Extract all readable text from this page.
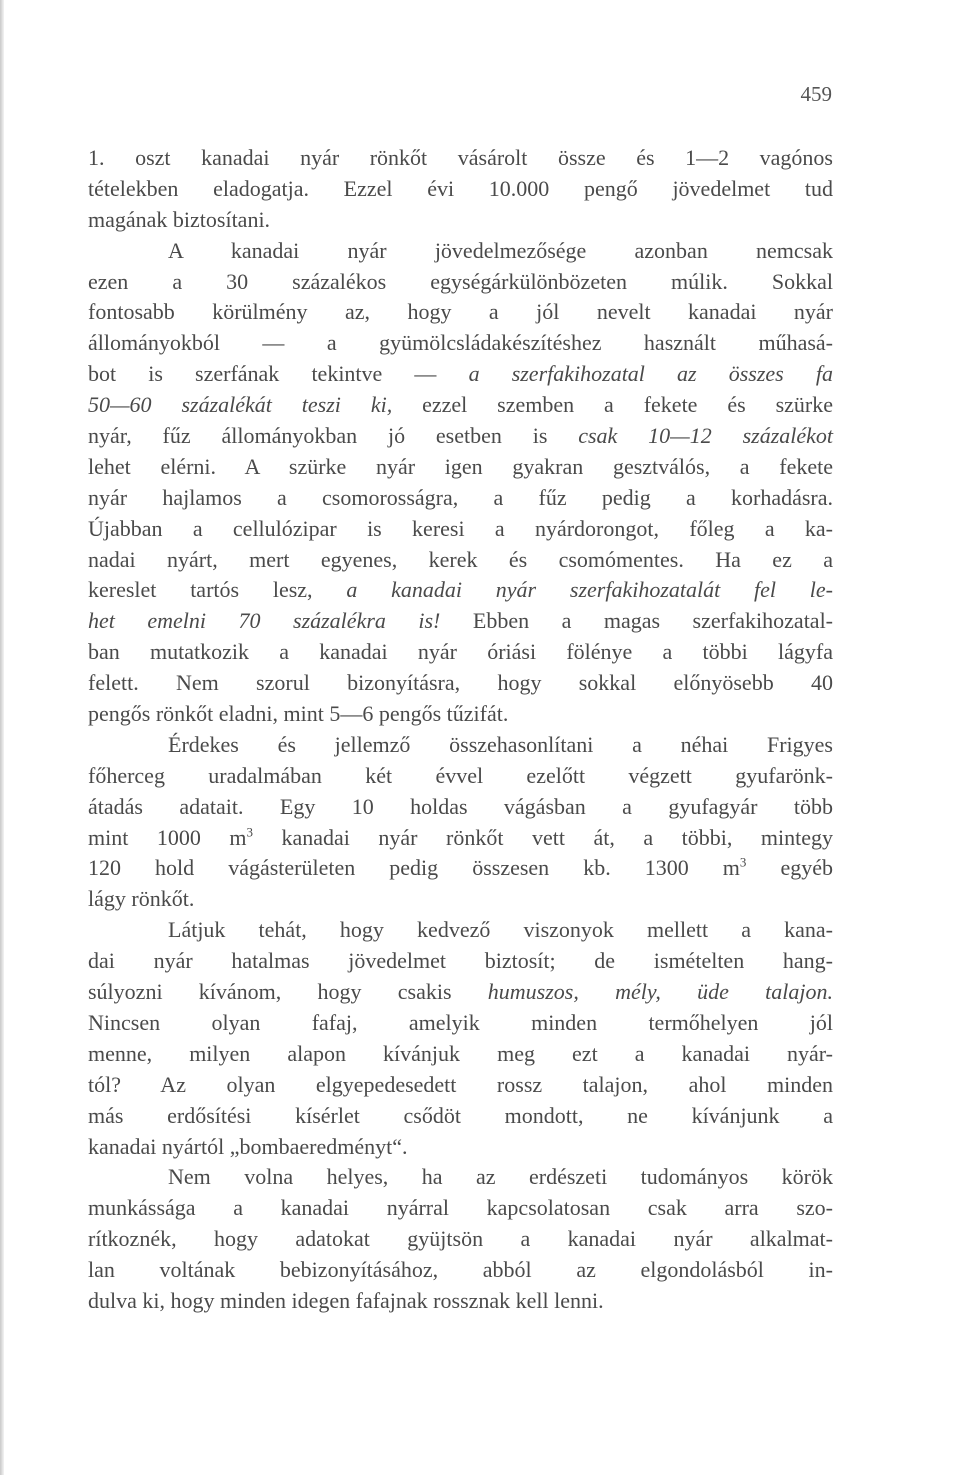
459
1. oszt kanadai nyár rönkőt vásárolt össze és 1—2 vagónos
tételekben eladogatja. Ezzel évi 10.000 pengő jövedelmet tud
magának biztosítani.
A kanadai nyár jövedelmezősége azonban nemcsak
ezen a 30 százalékos egységárkülönbözeten múlik. Sokkal
fontosabb körülmény az, hogy a jól nevelt kanadai nyár
állományokból — a gyümölcsládakészítéshez használt műhasá-
bot is szerfának tekintve — a szerfakihozatal az összes fa
50—60 százalékát teszi ki, ezzel szemben a fekete és szürke
nyár, fűz állományokban jó esetben is csak 10—12 százalékot
lehet elérni. A szürke nyár igen gyakran gesztválós, a fekete
nyár hajlamos a csomorosságra, a fűz pedig a korhadásra.
Újabban a cellulózipar is keresi a nyárdorongot, főleg a ka-
nadai nyárt, mert egyenes, kerek és csomómentes. Ha ez a
kereslet tartós lesz, a kanadai nyár szerfakihozatalát fel le-
het emelni 70 százalékra is! Ebben a magas szerfakihozatal-
ban mutatkozik a kanadai nyár óriási fölénye a többi lágyfa
felett. Nem szorul bizonyításra, hogy sokkal előnyösebb 40
pengős rönkőt eladni, mint 5—6 pengős tűzifát.
Érdekes és jellemző összehasonlítani a néhai Frigyes
főherceg uradalmában két évvel ezelőtt végzett gyufarönk-
átadás adatait. Egy 10 holdas vágásban a gyufagyár több
mint 1000 $m^3$ kanadai nyár rönkőt vett át, a többi, mintegy
120 hold vágásterületen pedig összesen kb. 1300 $m^3$ egyéb
lágy rönkőt.
Látjuk tehát, hogy kedvező viszonyok mellett a kana-
dai nyár hatalmas jövedelmet biztosít; de ismételten hang-
súlyozni kívánom, hogy csakis humuszos, mély, üde talajon.
Nincsen olyan fafaj, amelyik minden termőhelyen jól
menne, milyen alapon kívánjuk meg ezt a kanadai nyár-
tól? Az olyan elgyepedesedett rossz talajon, ahol minden
más erdősítési kísérlet csődöt mondott, ne kívánjunk a
kanadai nyártól „bombaeredményt“.
Nem volna helyes, ha az erdészeti tudományos körök
munkássága a kanadai nyárral kapcsolatosan csak arra szo-
rítkoznék, hogy adatokat gyüjtsön a kanadai nyár alkalmat-
lan voltának bebizonyításához, abból az elgondolásból in-
dulva ki, hogy minden idegen fafajnak rossznak kell lenni.
